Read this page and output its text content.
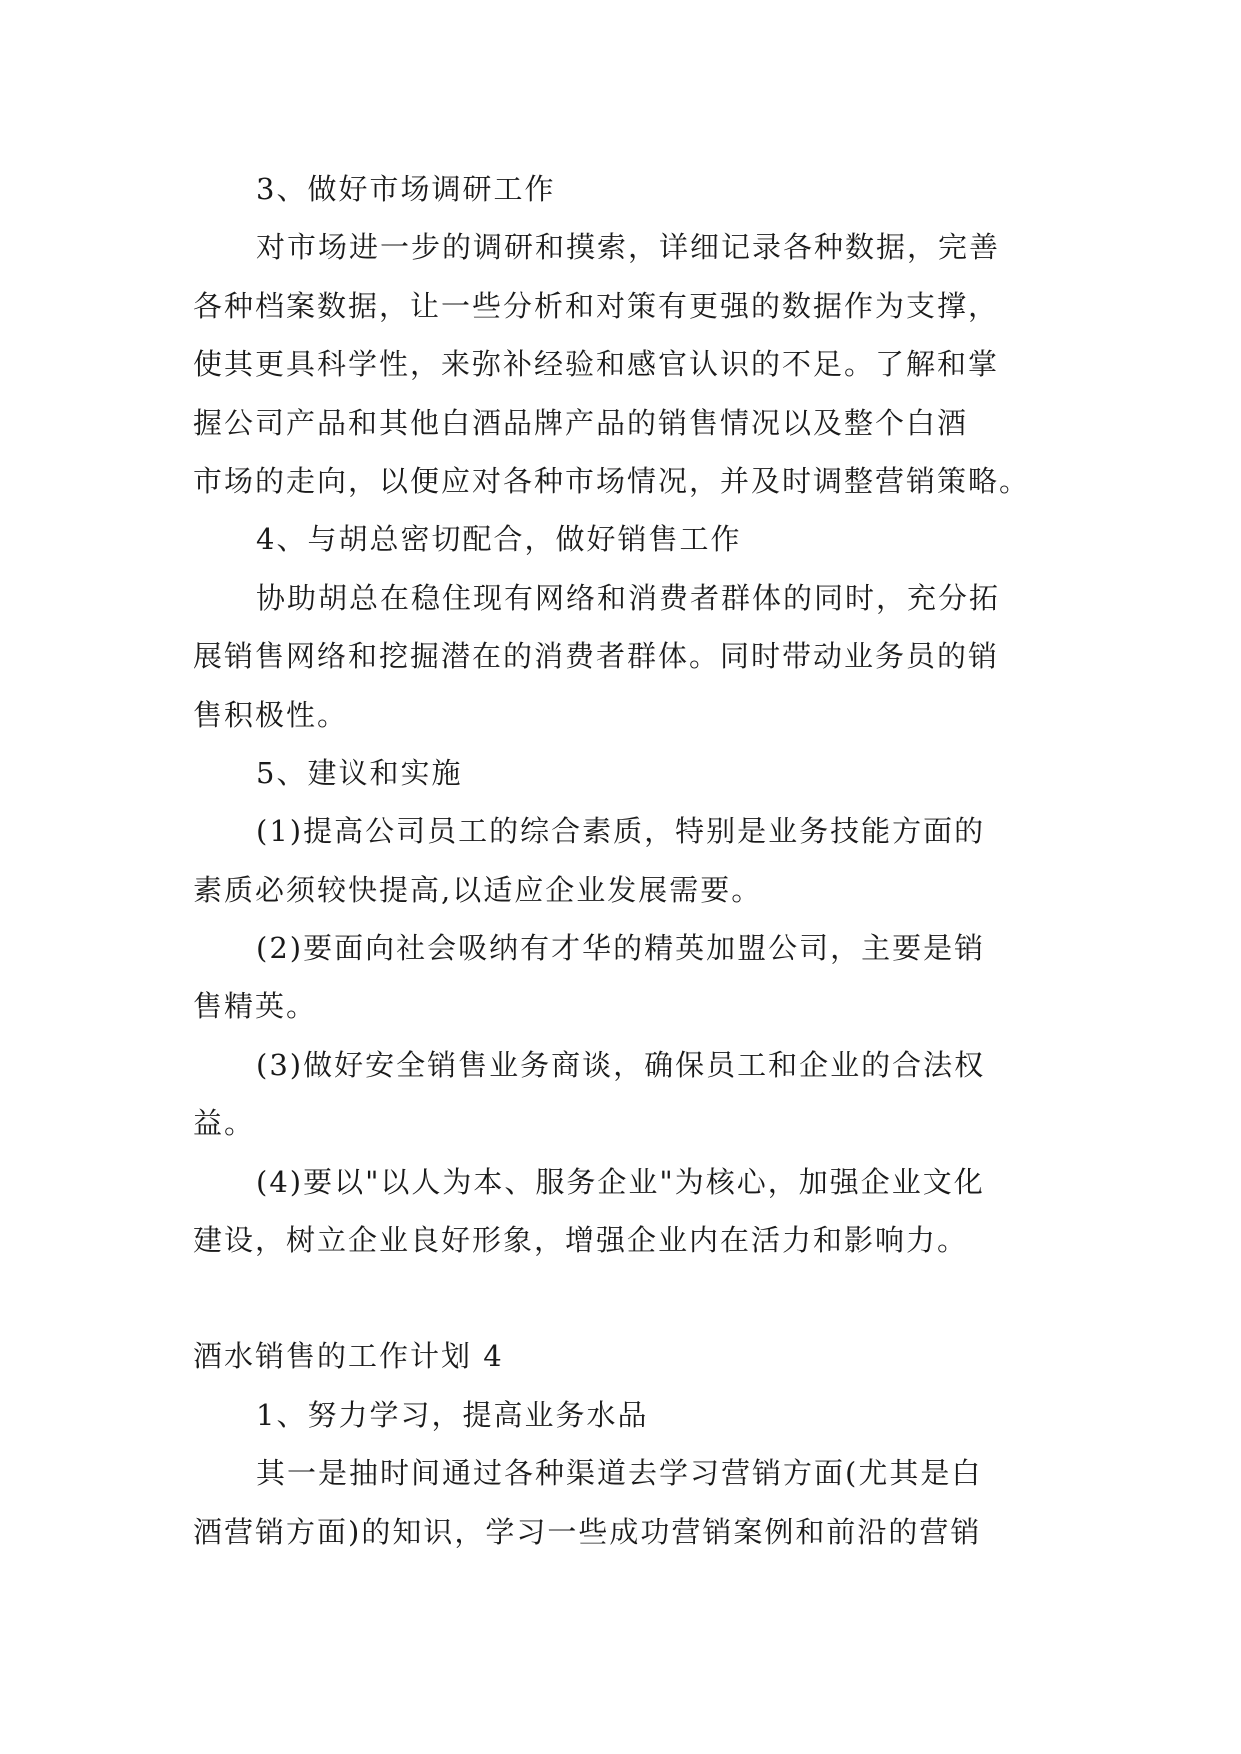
3、做好市场调研工作
对市场进一步的调研和摸索，详细记录各种数据，完善
各种档案数据，让一些分析和对策有更强的数据作为支撑，
使其更具科学性，来弥补经验和感官认识的不足。了解和掌
握公司产品和其他白酒品牌产品的销售情况以及整个白酒
市场的走向，以便应对各种市场情况，并及时调整营销策略。
4、与胡总密切配合，做好销售工作
协助胡总在稳住现有网络和消费者群体的同时，充分拓
展销售网络和挖掘潜在的消费者群体。同时带动业务员的销
售积极性。
5、建议和实施
(1)提高公司员工的综合素质，特别是业务技能方面的
素质必须较快提高,以适应企业发展需要。
(2)要面向社会吸纳有才华的精英加盟公司，主要是销
售精英。
(3)做好安全销售业务商谈，确保员工和企业的合法权
益。
(4)要以"以人为本、服务企业"为核心，加强企业文化
建设，树立企业良好形象，增强企业内在活力和影响力。
酒水销售的工作计划 4
1、努力学习，提高业务水品
其一是抽时间通过各种渠道去学习营销方面(尤其是白
酒营销方面)的知识，学习一些成功营销案例和前沿的营销
